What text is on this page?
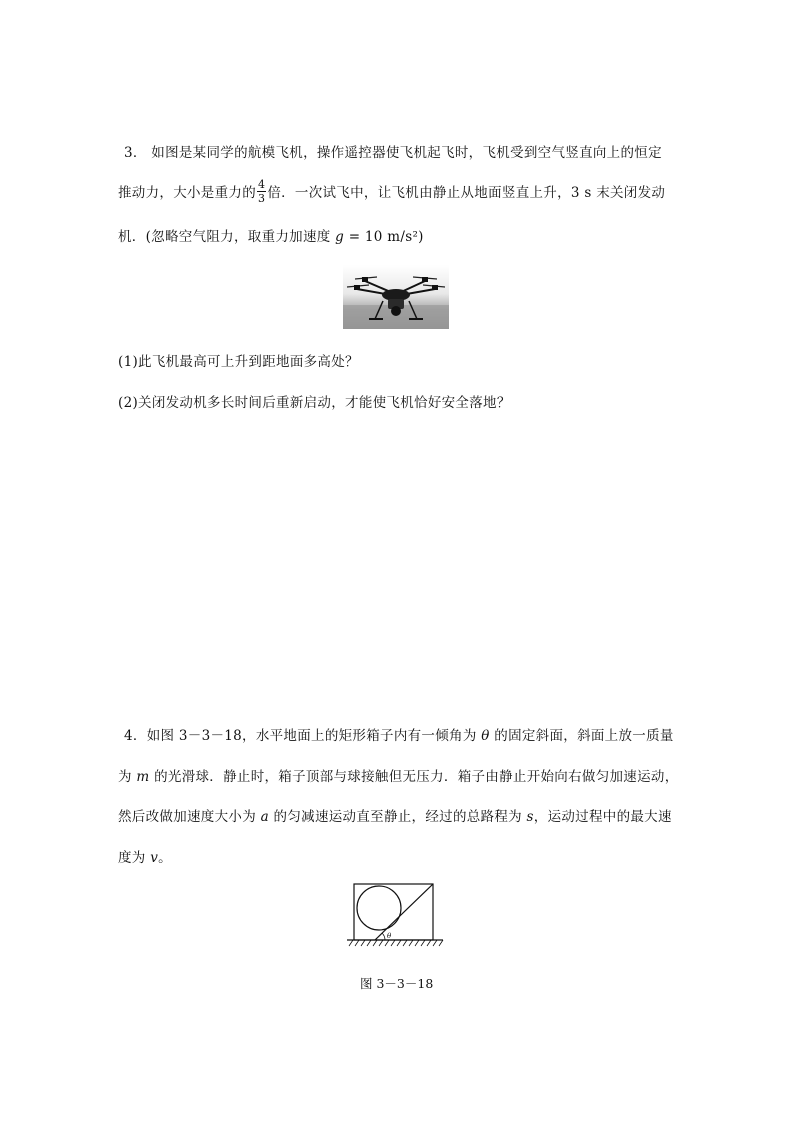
3． 如图是某同学的航模飞机，操作遥控器使飞机起飞时，飞机受到空气竖直向上的恒定
推动力，大小是重力的 $\frac{4}{3}$ 倍．一次试飞中，让飞机由静止从地面竖直上升，3 s 末关闭发动
机．(忽略空气阻力，取重力加速度 g = 10 m/s²)
(1)此飞机最高可上升到距地面多高处？
(2)关闭发动机多长时间后重新启动，才能使飞机恰好安全落地？
4．如图 3－3－18，水平地面上的矩形箱子内有一倾角为 θ 的固定斜面，斜面上放一质量
为 m 的光滑球．静止时，箱子顶部与球接触但无压力．箱子由静止开始向右做匀加速运动，
然后改做加速度大小为 a 的匀减速运动直至静止，经过的总路程为 s，运动过程中的最大速
度为 v。
θ
图 3－3－18
